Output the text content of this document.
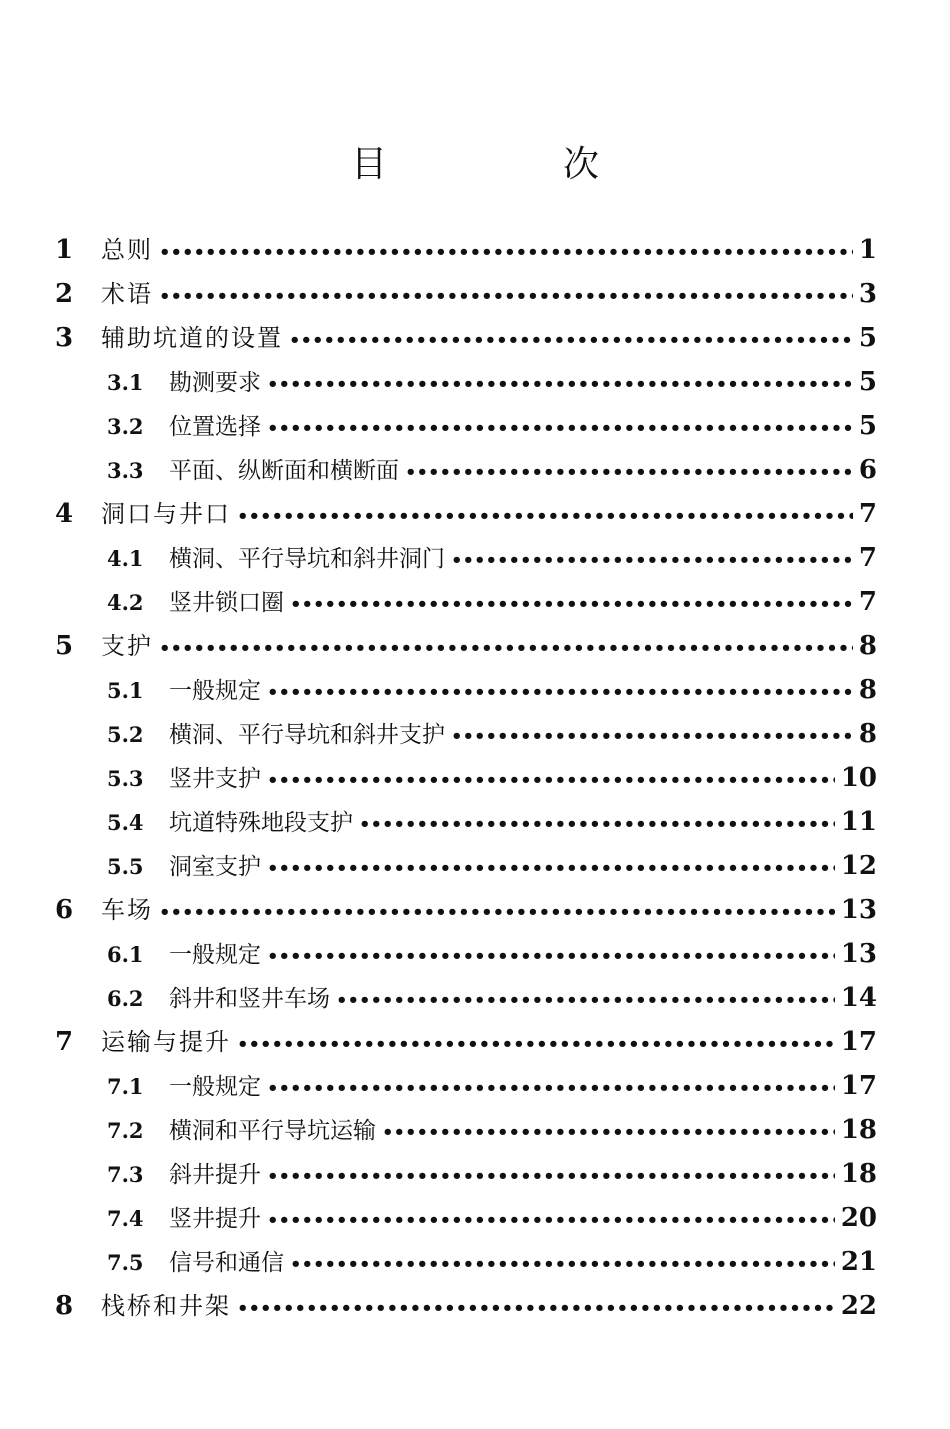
目　次
1	总则 •••••	1
2	术语 •••••	3
3	辅助坑道的设置 •••••	5
3.1	勘测要求 •••••	5
3.2	位置选择 •••••	5
3.3	平面、纵断面和横断面 •••••	6
4	洞口与井口 •••••	7
4.1	横洞、平行导坑和斜井洞门 •••••	7
4.2	竖井锁口圈 •••••	7
5	支护 •••••	8
5.1	一般规定 •••••	8
5.2	横洞、平行导坑和斜井支护 •••••	8
5.3	竖井支护 •••••	10
5.4	坑道特殊地段支护 •••••	11
5.5	洞室支护 •••••	12
6	车场 •••••	13
6.1	一般规定 •••••	13
6.2	斜井和竖井车场 •••••	14
7	运输与提升 •••••	17
7.1	一般规定 •••••	17
7.2	横洞和平行导坑运输 •••••	18
7.3	斜井提升 •••••	18
7.4	竖井提升 •••••	20
7.5	信号和通信 •••••	21
8	栈桥和井架 •••••	22
